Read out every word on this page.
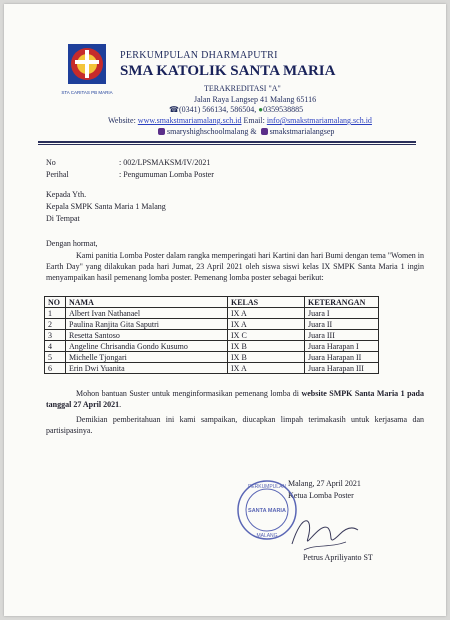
STA CARITAS PB MARIA
PERKUMPULAN DHARMAPUTRI
SMA KATOLIK SANTA MARIA
TERAKREDITASI "A"
Jalan Raya Langsep 41 Malang 65116
☎(0341) 566134, 586504, ●0359538885
Website: www.smakstmariamalang.sch.id Email: info@smakstmariamalang.sch.id
smaryshighschoolmalang & smakstmarialangsep
No	: 002/LPSMAKSM/IV/2021
Perihal	: Pengumuman Lomba Poster
Kepada Yth.
Kepala SMPK Santa Maria 1 Malang
Di Tempat
Dengan hormat,
Kami panitia Lomba Poster dalam rangka memperingati hari Kartini dan hari Bumi dengan tema "Women in Earth Day" yang dilakukan pada hari Jumat, 23 April 2021 oleh siswa siswi kelas IX SMPK Santa Maria 1 ingin menyampaikan hasil pemenang lomba poster. Pemenang lomba poster sebagai berikut:
NO	NAMA	KELAS	KETERANGAN
1	Albert Ivan Nathanael	IX A	Juara I
2	Paulina Ranjita Gita Saputri	IX A	Juara II
3	Resetta Santoso	IX C	Juara III
4	Angeline Chrisandia Gondo Kusumo	IX B	Juara Harapan I
5	Michelle Tjongari	IX B	Juara Harapan II
6	Erin Dwi Yuanita	IX A	Juara Harapan III
Mohon bantuan Suster untuk menginformasikan pemenang lomba di website SMPK Santa Maria 1 pada tanggal 27 April 2021.
Demikian pemberitahuan ini kami sampaikan, diucapkan limpah terimakasih untuk kerjasama dan partisipasinya.
Malang, 27 April 2021
Ketua Lomba Poster
PERKUMPULAN
SANTA MARIA
MALANG
Petrus Apriliyanto ST
